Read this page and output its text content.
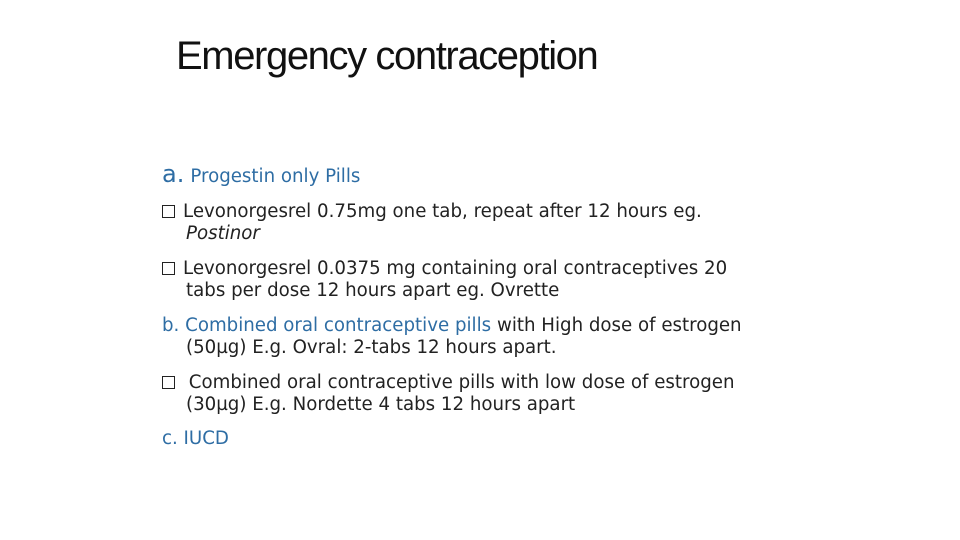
Emergency contraception

a. Progestin only Pills

Levonorgesrel 0.75mg one tab, repeat after 12 hours eg.

Postinor

Levonorgesrel 0.0375 mg containing oral contraceptives 20

tabs per dose 12 hours apart eg. Ovrette

b. Combined oral contraceptive pills with High dose of estrogen

(50µg) E.g. Ovral: 2-tabs 12 hours apart.

Combined oral contraceptive pills with low dose of estrogen

(30µg) E.g. Nordette 4 tabs 12 hours apart

c. IUCD
